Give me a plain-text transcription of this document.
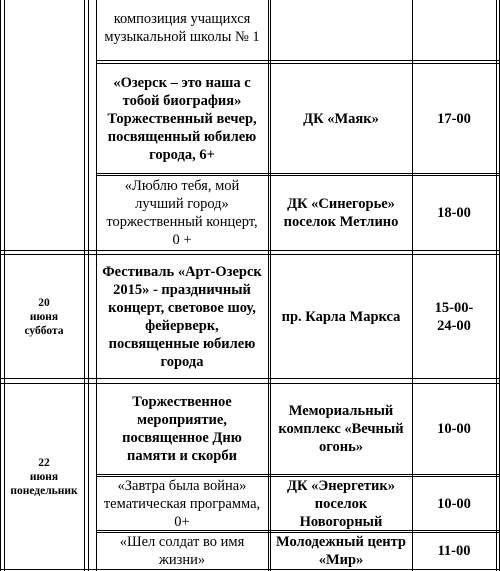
композиция учащихся музыкальной школы № 1
«Озерск – это наша с тобой биография» Торжественный вечер, посвященный юбилею города, 6+
ДК «Маяк»	17-00
«Люблю тебя, мой лучший город» торжественный концерт, 0 +
ДК «Синегорье» поселок Метлино
18-00
20
июня
суббота
Фестиваль «Арт-Озерск 2015» - праздничный концерт, световое шоу, фейерверк, посвященные юбилею города
пр. Карла Маркса
15-00-24-00
22
июня
понедельник
Торжественное мероприятие, посвященное Дню памяти и скорби
Мемориальный комплекс «Вечный огонь»
10-00
«Завтра была война» тематическая программа, 0+
ДК «Энергетик» поселок Новогорный
10-00
«Шел солдат во имя жизни»
Молодежный центр «Мир»
11-00
